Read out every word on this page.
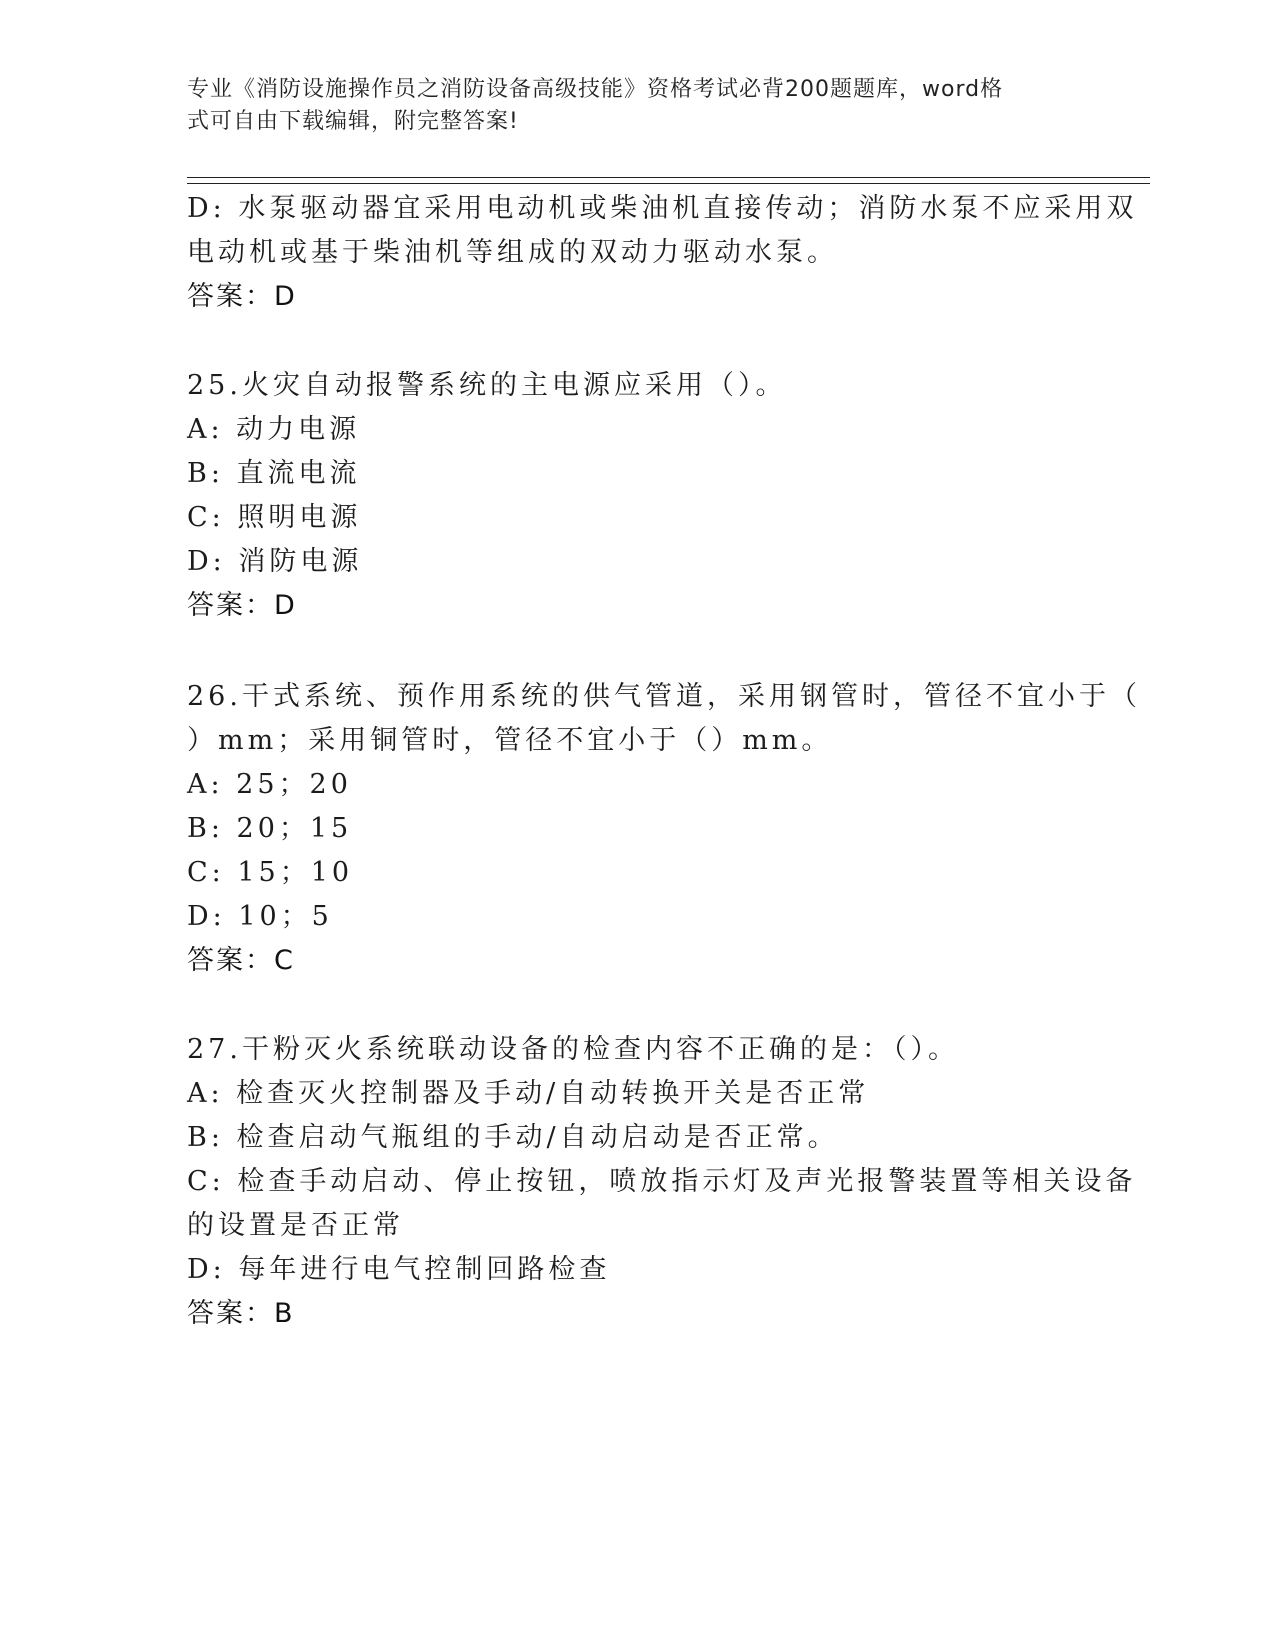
专业《消防设施操作员之消防设备高级技能》资格考试必背200题题库，word格
式可自由下载编辑，附完整答案!
D: 水泵驱动器宜采用电动机或柴油机直接传动；消防水泵不应采用双
电动机或基于柴油机等组成的双动力驱动水泵。
答案：D
25.火灾自动报警系统的主电源应采用（）。
A: 动力电源
B: 直流电流
C: 照明电源
D: 消防电源
答案：D
26.干式系统、预作用系统的供气管道，采用钢管时，管径不宜小于（
）mm；采用铜管时，管径不宜小于（）mm。
A: 25；20
B: 20；15
C: 15；10
D: 10；5
答案：C
27.干粉灭火系统联动设备的检查内容不正确的是：（）。
A: 检查灭火控制器及手动/自动转换开关是否正常
B: 检查启动气瓶组的手动/自动启动是否正常。
C: 检查手动启动、停止按钮，喷放指示灯及声光报警装置等相关设备
的设置是否正常
D: 每年进行电气控制回路检查
答案：B
